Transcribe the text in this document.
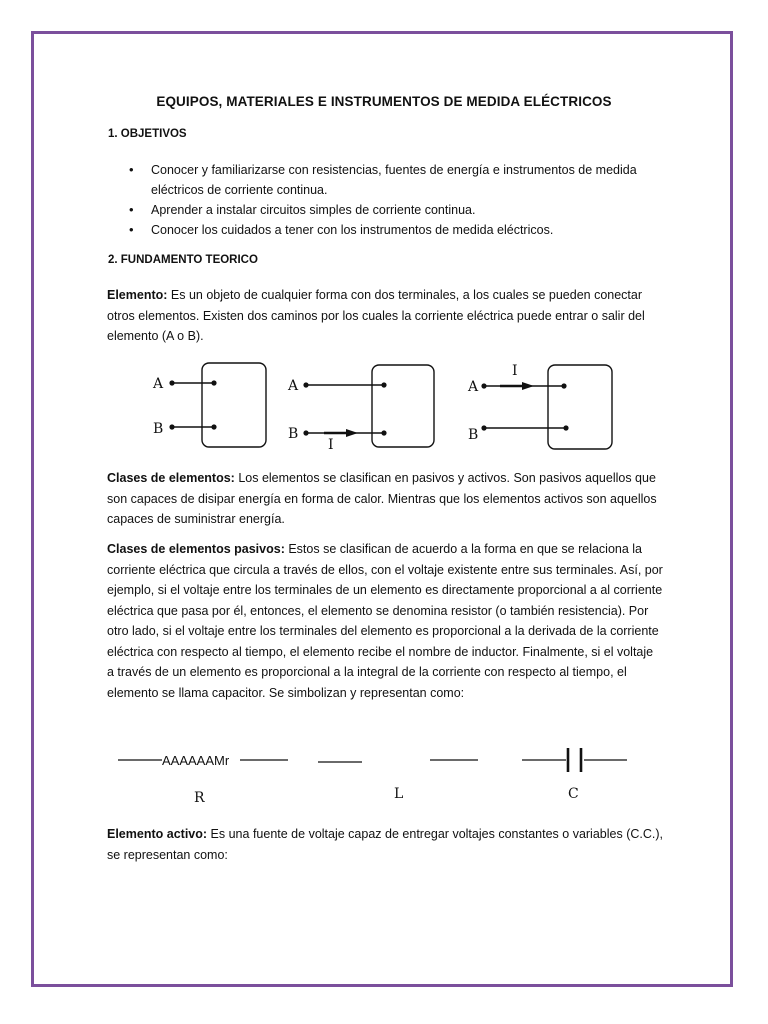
EQUIPOS, MATERIALES E INSTRUMENTOS DE MEDIDA ELÉCTRICOS
1. OBJETIVOS
• Conocer y familiarizarse con resistencias, fuentes de energía e instrumentos de medida eléctricos de corriente continua.
• Aprender a instalar circuitos simples de corriente continua.
• Conocer los cuidados a tener con los instrumentos de medida eléctricos.
2. FUNDAMENTO TEORICO
Elemento: Es un objeto de cualquier forma con dos terminales, a los cuales se pueden conectar otros elementos. Existen dos caminos por los cuales la corriente eléctrica puede entrar o salir del elemento (A o B).
A
B
A
B
I
A
B
I
Clases de elementos: Los elementos se clasifican en pasivos y activos. Son pasivos aquellos que son capaces de disipar energía en forma de calor. Mientras que los elementos activos son aquellos capaces de suministrar energía.
Clases de elementos pasivos: Estos se clasifican de acuerdo a la forma en que se relaciona la corriente eléctrica que circula a través de ellos, con el voltaje existente entre sus terminales. Así, por ejemplo, si el voltaje entre los terminales de un elemento es directamente proporcional a al corriente eléctrica que pasa por él, entonces, el elemento se denomina resistor (o también resistencia). Por otro lado, si el voltaje entre los terminales del elemento es proporcional a la derivada de la corriente eléctrica con respecto al tiempo, el elemento recibe el nombre de inductor. Finalmente, si el voltaje a través de un elemento es proporcional a la integral de la corriente con respecto al tiempo, el elemento se llama capacitor. Se simbolizan y representan como:
AAAAAAMr
R	L	C
Elemento activo: Es una fuente de voltaje capaz de entregar voltajes constantes o variables (C.C.), se representan como:
